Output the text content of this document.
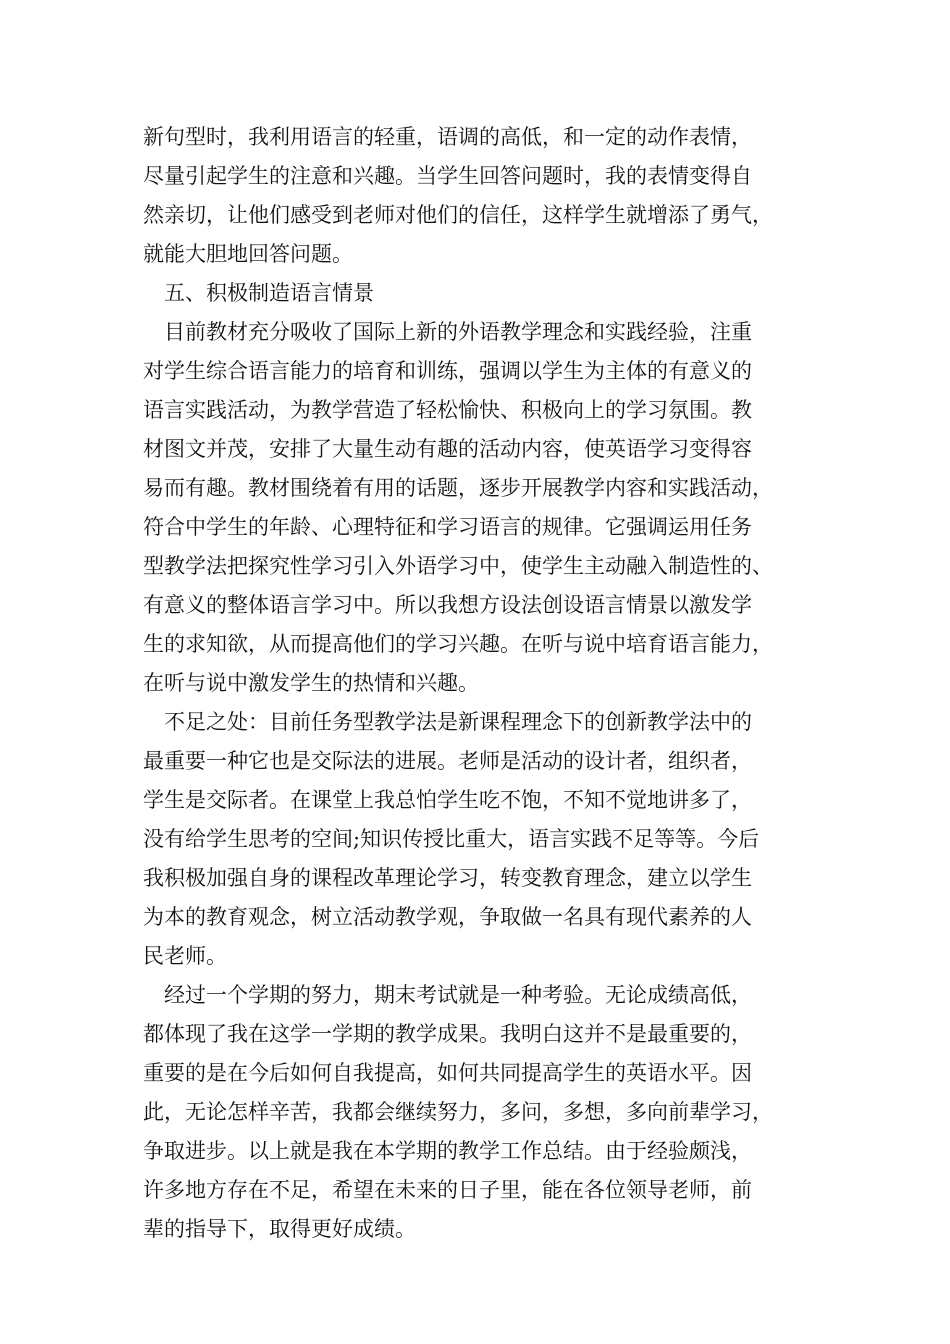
新句型时，我利用语言的轻重，语调的高低，和一定的动作表情，
尽量引起学生的注意和兴趣。当学生回答问题时，我的表情变得自
然亲切，让他们感受到老师对他们的信任，这样学生就增添了勇气，
就能大胆地回答问题。
五、积极制造语言情景
目前教材充分吸收了国际上新的外语教学理念和实践经验，注重
对学生综合语言能力的培育和训练，强调以学生为主体的有意义的
语言实践活动，为教学营造了轻松愉快、积极向上的学习氛围。教
材图文并茂，安排了大量生动有趣的活动内容，使英语学习变得容
易而有趣。教材围绕着有用的话题，逐步开展教学内容和实践活动，
符合中学生的年龄、心理特征和学习语言的规律。它强调运用任务
型教学法把探究性学习引入外语学习中，使学生主动融入制造性的、
有意义的整体语言学习中。所以我想方设法创设语言情景以激发学
生的求知欲，从而提高他们的学习兴趣。在听与说中培育语言能力，
在听与说中激发学生的热情和兴趣。
不足之处：目前任务型教学法是新课程理念下的创新教学法中的
最重要一种它也是交际法的进展。老师是活动的设计者，组织者，
学生是交际者。在课堂上我总怕学生吃不饱，不知不觉地讲多了，
没有给学生思考的空间;知识传授比重大，语言实践不足等等。今后
我积极加强自身的课程改革理论学习，转变教育理念，建立以学生
为本的教育观念，树立活动教学观，争取做一名具有现代素养的人
民老师。
经过一个学期的努力，期末考试就是一种考验。无论成绩高低，
都体现了我在这学一学期的教学成果。我明白这并不是最重要的，
重要的是在今后如何自我提高，如何共同提高学生的英语水平。因
此，无论怎样辛苦，我都会继续努力，多问，多想，多向前辈学习，
争取进步。以上就是我在本学期的教学工作总结。由于经验颇浅，
许多地方存在不足，希望在未来的日子里，能在各位领导老师，前
辈的指导下，取得更好成绩。
